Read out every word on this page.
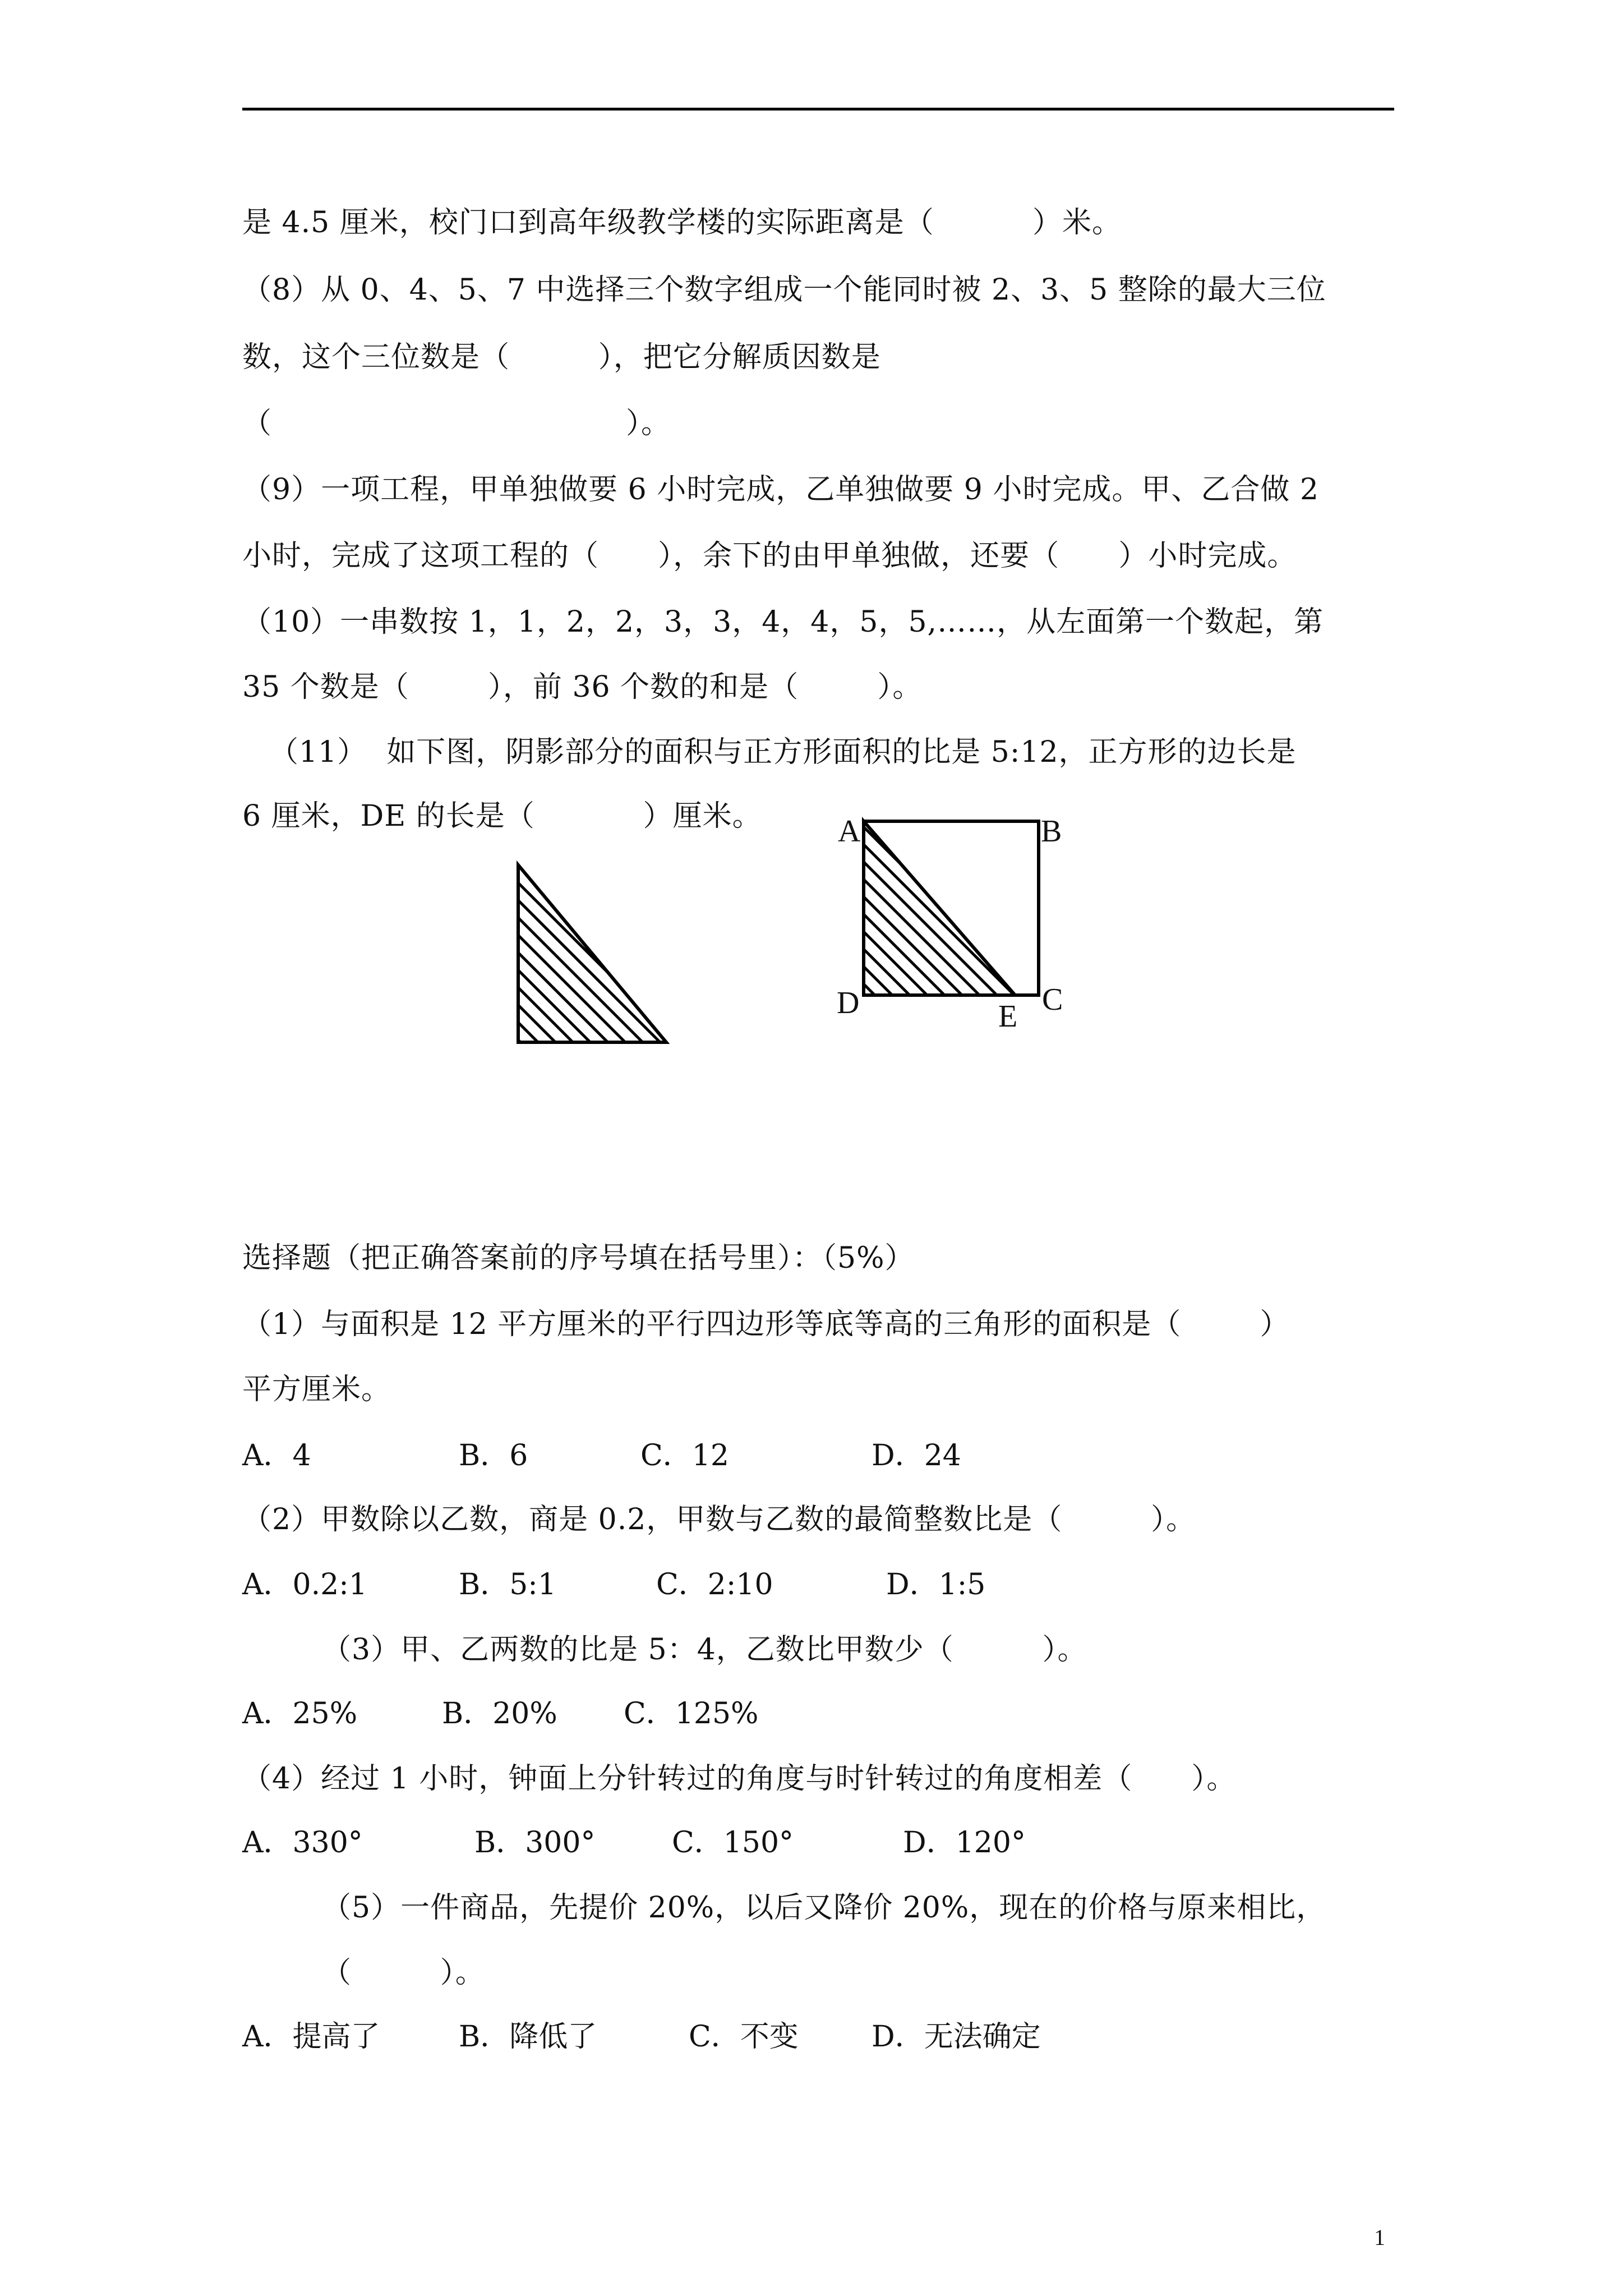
是 4.5 厘米，校门口到高年级教学楼的实际距离是（          ）米。
（8）从 0、4、5、7 中选择三个数字组成一个能同时被 2、3、5 整除的最大三位
数，这个三位数是（         ），把它分解质因数是
（                                    ）。
（9）一项工程，甲单独做要 6 小时完成，乙单独做要 9 小时完成。甲、乙合做 2
小时，完成了这项工程的（      ），余下的由甲单独做，还要（      ）小时完成。
（10）一串数按 1，1，2，2，3，3，4，4，5，5,……，从左面第一个数起，第
35 个数是（        ），前 36 个数的和是（        ）。
（11）  如下图，阴影部分的面积与正方形面积的比是 5:12，正方形的边长是
6 厘米，DE 的长是（           ）厘米。 A	B
C
D	E
选择题（把正确答案前的序号填在括号里）：（5%）
（1）与面积是 12 平方厘米的平行四边形等底等高的三角形的面积是（        ）
平方厘米。
A．4	B．6	C．12	D．24
（2）甲数除以乙数，商是 0.2，甲数与乙数的最简整数比是（         ）。
A．0.2:1	B．5:1	C．2:10	D．1:5
（3）甲、乙两数的比是 5：4，乙数比甲数少（         ）。
A．25%	B．20% C．125%
（4）经过 1 小时，钟面上分针转过的角度与时针转过的角度相差（      ）。
A．330°	B．300°	C．150°	D．120°
（5）一件商品，先提价 20%，以后又降价 20%，现在的价格与原来相比，
（         ）。
A．提高了	B．降低了	C．不变	D．无法确定
1
